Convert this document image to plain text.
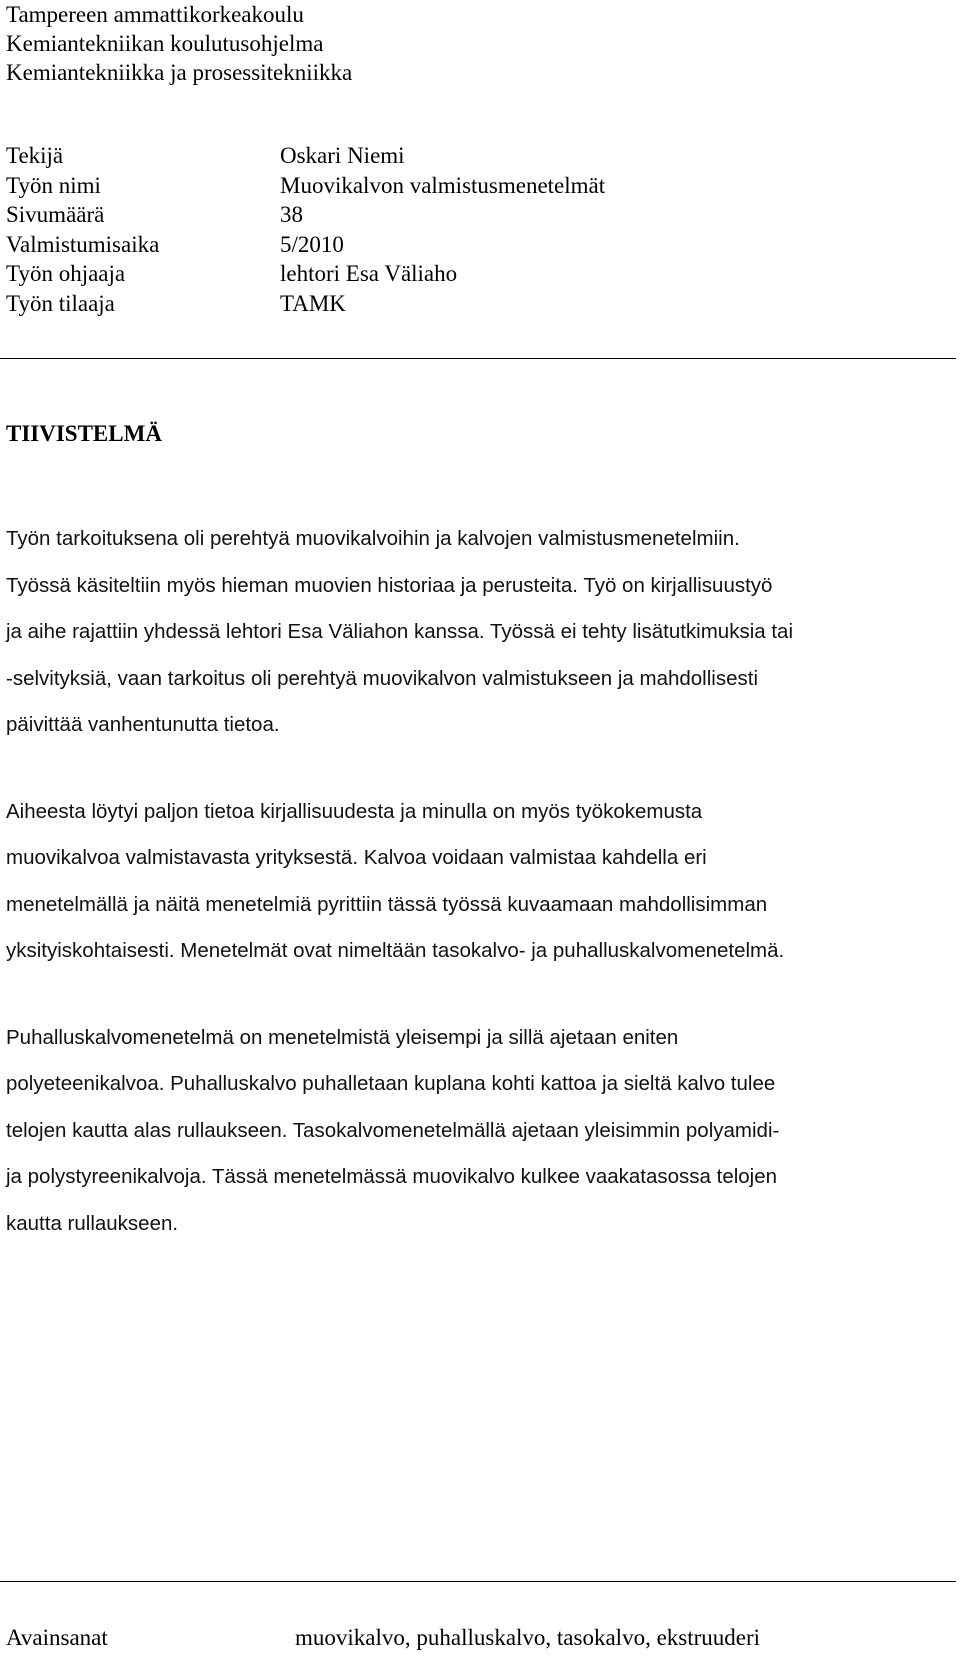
Tampereen ammattikorkeakoulu
Kemiantekniikan koulutusohjelma
Kemiantekniikka ja prosessitekniikka
Tekijä	Oskari Niemi
Työn nimi	Muovikalvon valmistusmenetelmät
Sivumäärä	38
Valmistumisaika	5/2010
Työn ohjaaja	lehtori Esa Väliaho
Työn tilaaja	TAMK
TIIVISTELMÄ

Työn tarkoituksena oli perehtyä muovikalvoihin ja kalvojen valmistusmenetelmiin.
Työssä käsiteltiin myös hieman muovien historiaa ja perusteita. Työ on kirjallisuustyö
ja aihe rajattiin yhdessä lehtori Esa Väliahon kanssa. Työssä ei tehty lisätutkimuksia tai
-selvityksiä, vaan tarkoitus oli perehtyä muovikalvon valmistukseen ja mahdollisesti
päivittää vanhentunutta tietoa.

Aiheesta löytyi paljon tietoa kirjallisuudesta ja minulla on myös työkokemusta
muovikalvoa valmistavasta yrityksestä. Kalvoa voidaan valmistaa kahdella eri
menetelmällä ja näitä menetelmiä pyrittiin tässä työssä kuvaamaan mahdollisimman
yksityiskohtaisesti. Menetelmät ovat nimeltään tasokalvo- ja puhalluskalvomenetelmä.

Puhalluskalvomenetelmä on menetelmistä yleisempi ja sillä ajetaan eniten
polyeteenikalvoa. Puhalluskalvo puhalletaan kuplana kohti kattoa ja sieltä kalvo tulee
telojen kautta alas rullaukseen. Tasokalvomenetelmällä ajetaan yleisimmin polyamidi-
ja polystyreenikalvoja. Tässä menetelmässä muovikalvo kulkee vaakatasossa telojen
kautta rullaukseen.

Avainsanat	muovikalvo, puhalluskalvo, tasokalvo, ekstruuderi
